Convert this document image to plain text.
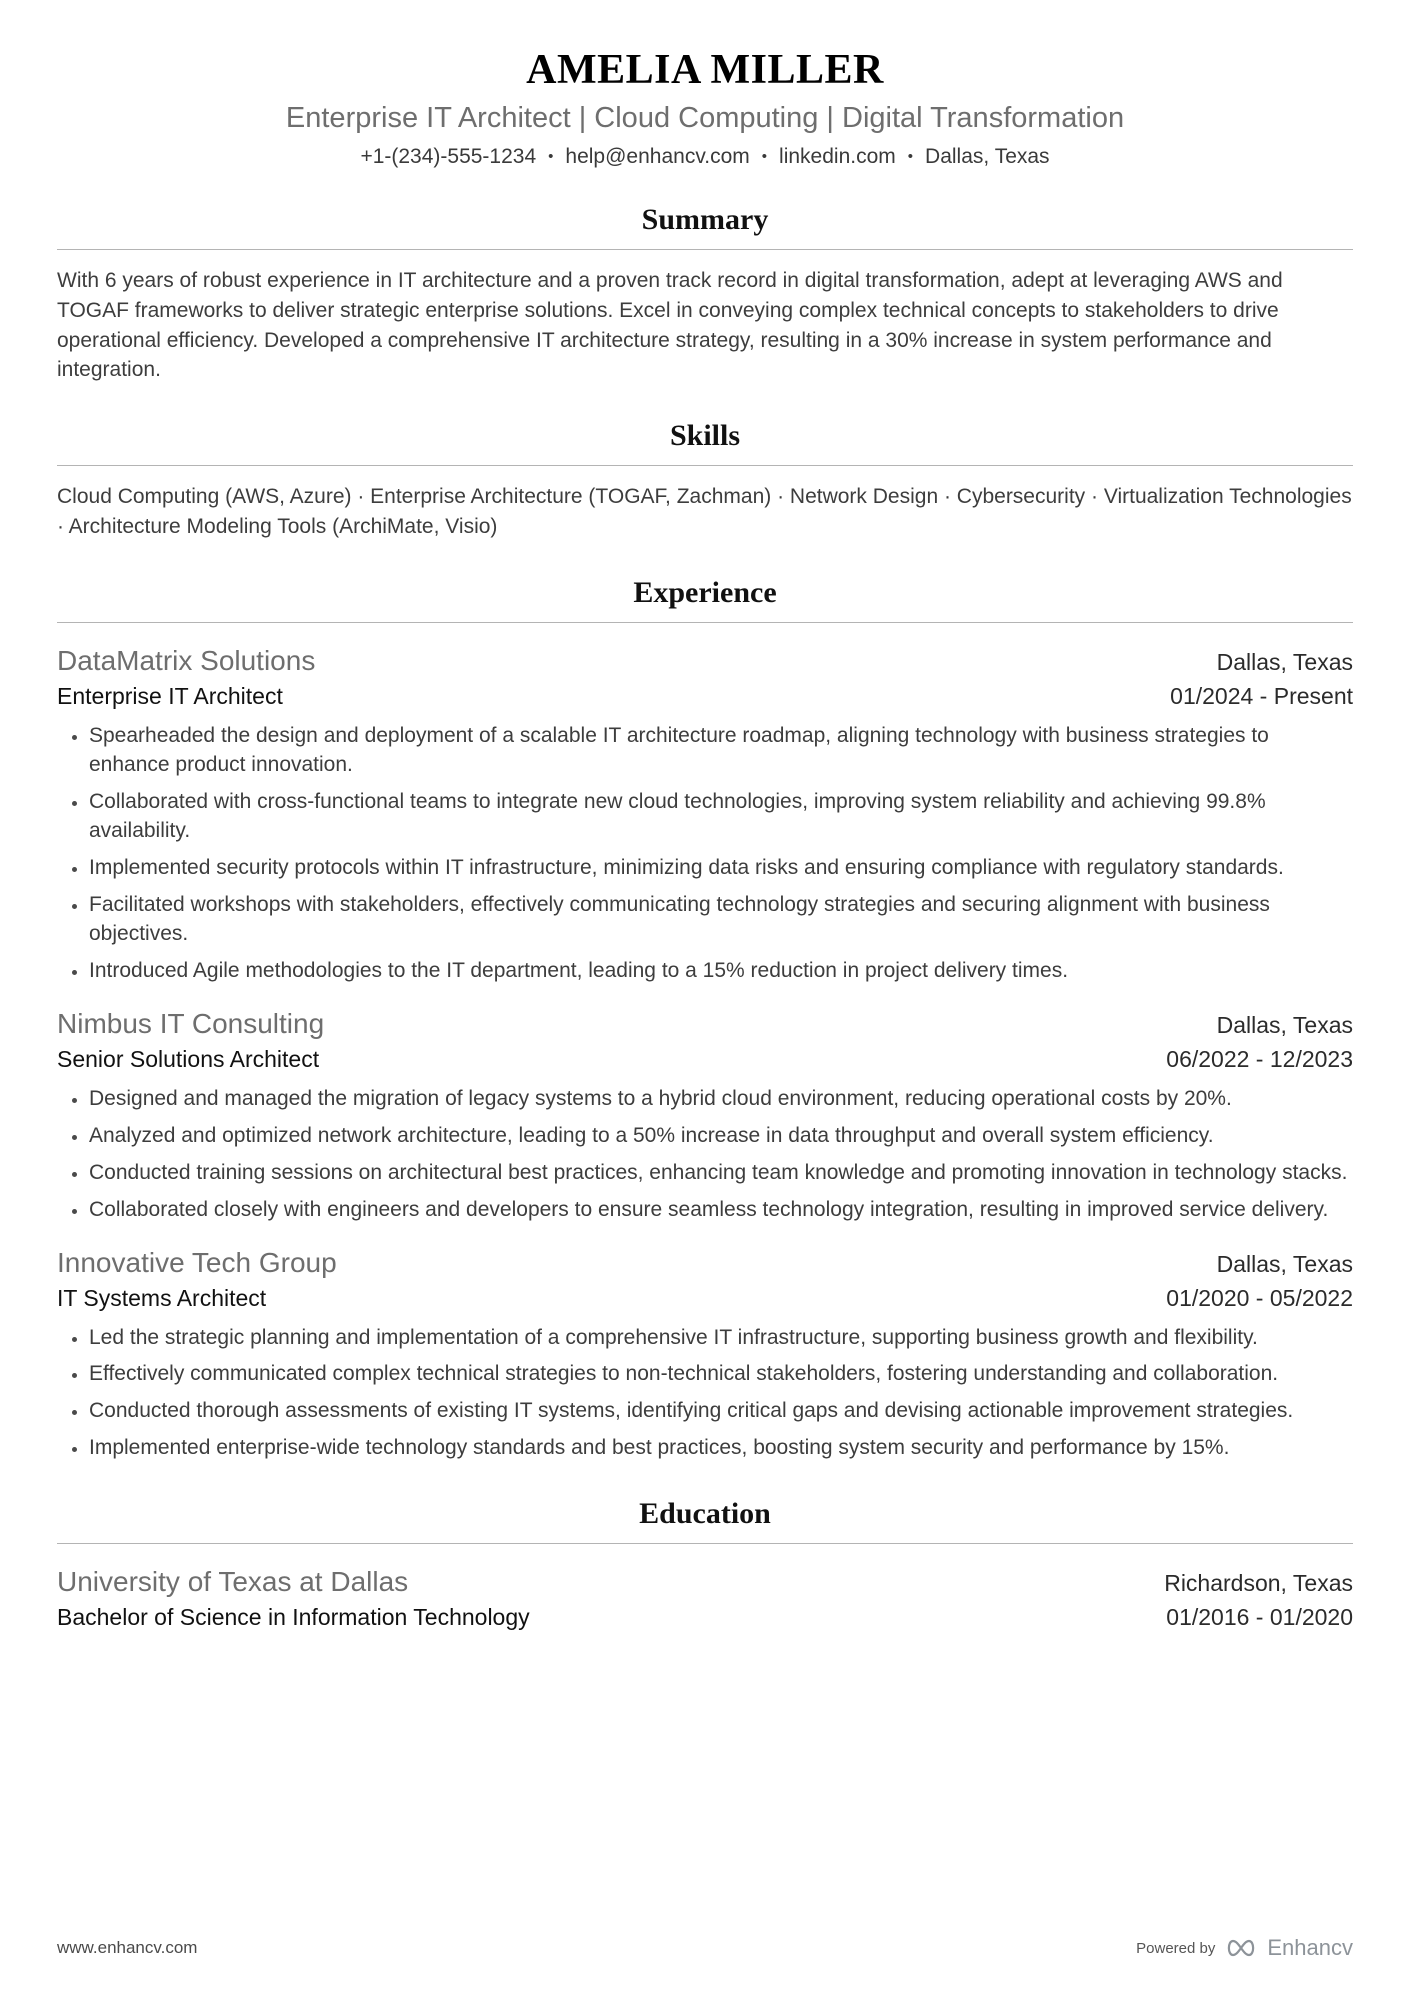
AMELIA MILLER
Enterprise IT Architect | Cloud Computing | Digital Transformation
+1-(234)-555-1234 • help@enhancv.com • linkedin.com • Dallas, Texas
Summary

With 6 years of robust experience in IT architecture and a proven track record in digital transformation, adept at leveraging AWS and TOGAF frameworks to deliver strategic enterprise solutions. Excel in conveying complex technical concepts to stakeholders to drive operational efficiency. Developed a comprehensive IT architecture strategy, resulting in a 30% increase in system performance and integration.

Skills

Cloud Computing (AWS, Azure) · Enterprise Architecture (TOGAF, Zachman) · Network Design · Cybersecurity · Virtualization Technologies · Architecture Modeling Tools (ArchiMate, Visio)

Experience
DataMatrix Solutions	Dallas, Texas
Enterprise IT Architect	01/2024 - Present
• Spearheaded the design and deployment of a scalable IT architecture roadmap, aligning technology with business strategies to enhance product innovation.
• Collaborated with cross-functional teams to integrate new cloud technologies, improving system reliability and achieving 99.8% availability.
• Implemented security protocols within IT infrastructure, minimizing data risks and ensuring compliance with regulatory standards.
• Facilitated workshops with stakeholders, effectively communicating technology strategies and securing alignment with business objectives.
• Introduced Agile methodologies to the IT department, leading to a 15% reduction in project delivery times.
Nimbus IT Consulting	Dallas, Texas
Senior Solutions Architect	06/2022 - 12/2023
• Designed and managed the migration of legacy systems to a hybrid cloud environment, reducing operational costs by 20%.
• Analyzed and optimized network architecture, leading to a 50% increase in data throughput and overall system efficiency.
• Conducted training sessions on architectural best practices, enhancing team knowledge and promoting innovation in technology stacks.
• Collaborated closely with engineers and developers to ensure seamless technology integration, resulting in improved service delivery.
Innovative Tech Group	Dallas, Texas
IT Systems Architect	01/2020 - 05/2022
• Led the strategic planning and implementation of a comprehensive IT infrastructure, supporting business growth and flexibility.
• Effectively communicated complex technical strategies to non-technical stakeholders, fostering understanding and collaboration.
• Conducted thorough assessments of existing IT systems, identifying critical gaps and devising actionable improvement strategies.
• Implemented enterprise-wide technology standards and best practices, boosting system security and performance by 15%.
Education
University of Texas at Dallas	Richardson, Texas
Bachelor of Science in Information Technology	01/2016 - 01/2020
www.enhancv.com	Powered by Enhancv
